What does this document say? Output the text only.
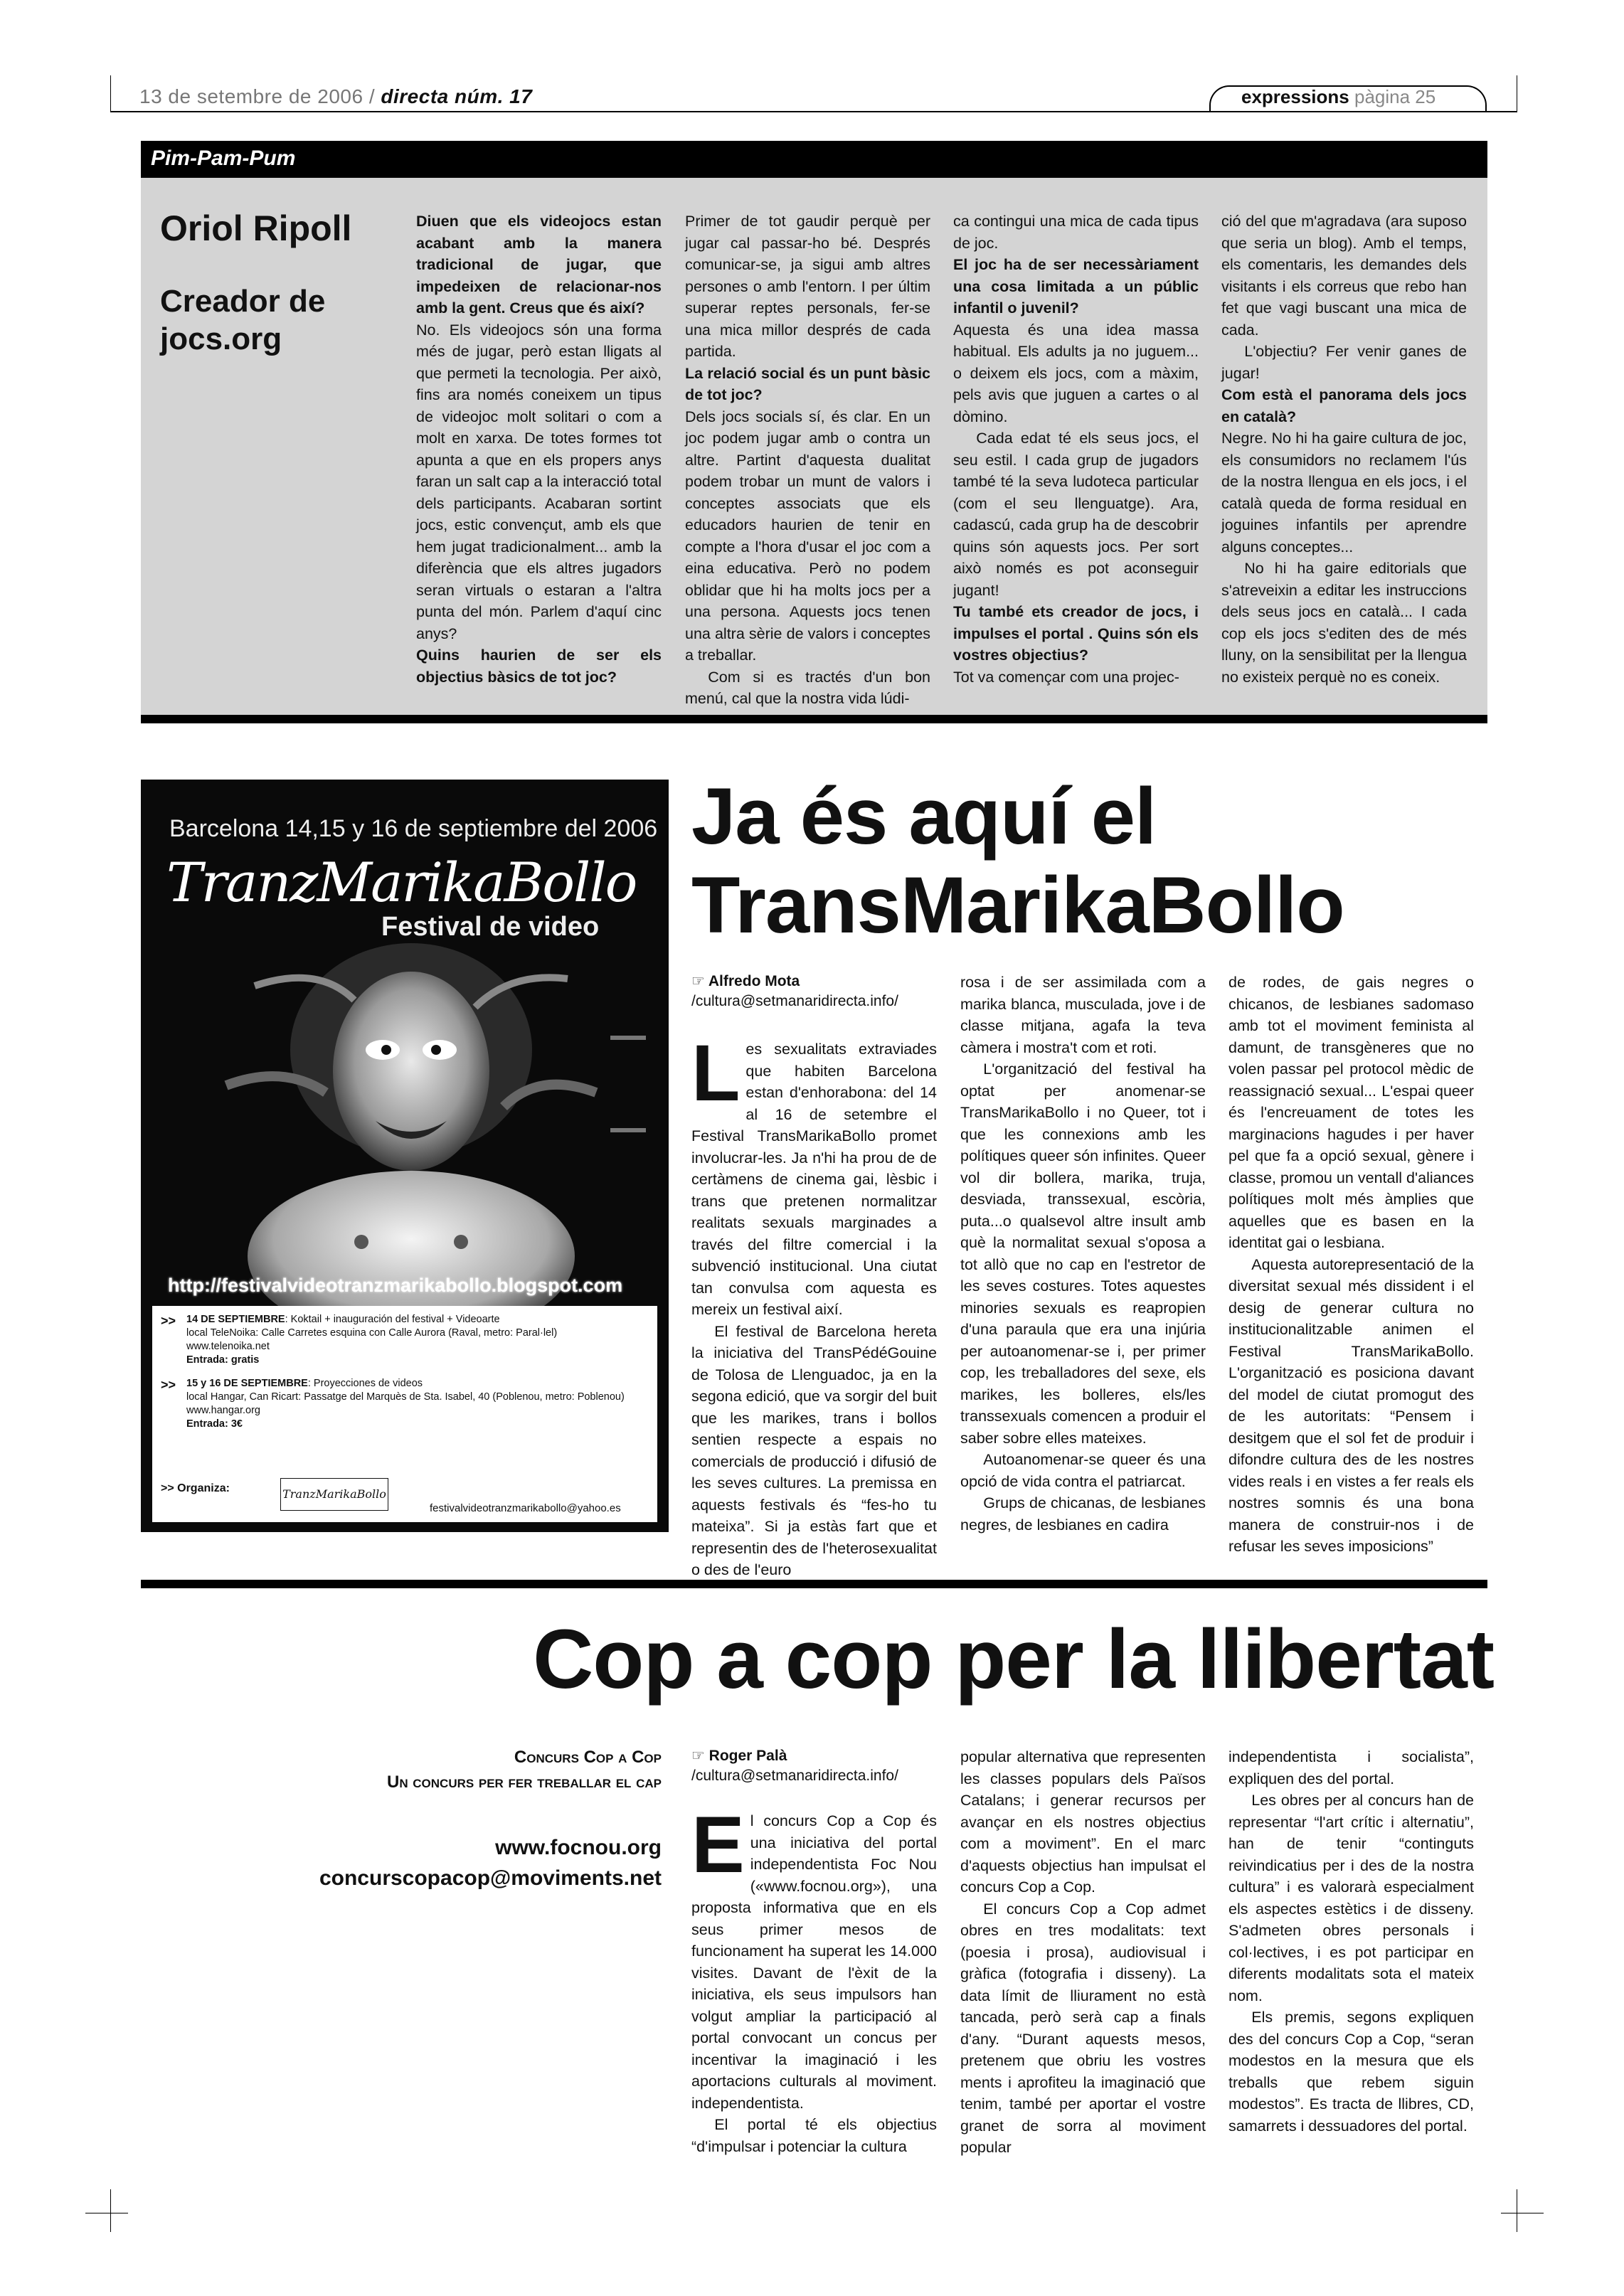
13 de setembre de 2006 / directa núm. 17	expressions pàgina 25
Pim-Pam-Pum
Oriol Ripoll
Creador de jocs.org

Diuen que els videojocs estan acabant amb la manera tradicional de jugar, que impedeixen de relacionar-nos amb la gent. Creus que és així?

No. Els videojocs són una forma més de jugar, però estan lligats al que permeti la tecnologia. Per això, fins ara només coneixem un tipus de videojoc molt solitari o com a molt en xarxa. De totes formes tot apunta a que en els propers anys faran un salt cap a la interacció total dels participants. Acabaran sortint jocs, estic convençut, amb els que hem jugat tradicionalment... amb la diferència que els altres jugadors seran virtuals o estaran a l'altra punta del món. Parlem d'aquí cinc anys?

Quins haurien de ser els objectius bàsics de tot joc?

Primer de tot gaudir perquè per jugar cal passar-ho bé. Després comunicar-se, ja sigui amb altres persones o amb l'entorn. I per últim superar reptes personals, fer-se una mica millor després de cada partida.

La relació social és un punt bàsic de tot joc?

Dels jocs socials sí, és clar. En un joc podem jugar amb o contra un altre. Partint d'aquesta dualitat podem trobar un munt de valors i conceptes associats que els educadors haurien de tenir en compte a l'hora d'usar el joc com a eina educativa. Però no podem oblidar que hi ha molts jocs per a una persona. Aquests jocs tenen una altra sèrie de valors i conceptes a treballar.

Com si es tractés d'un bon menú, cal que la nostra vida lúdi-

ca contingui una mica de cada tipus de joc.

El joc ha de ser necessàriament una cosa limitada a un públic infantil o juvenil?

Aquesta és una idea massa habitual. Els adults ja no juguem... o deixem els jocs, com a màxim, pels avis que juguen a cartes o al dòmino.

Cada edat té els seus jocs, el seu estil. I cada grup de jugadors també té la seva ludoteca particular (com el seu llenguatge). Ara, cadascú, cada grup ha de descobrir quins són aquests jocs. Per sort això només es pot aconseguir jugant!

Tu també ets creador de jocs, i impulses el portal . Quins són els vostres objectius?

Tot va començar com una projec-

ció del que m'agradava (ara suposo que seria un blog). Amb el temps, els comentaris, les demandes dels visitants i els correus que rebo han fet que vagi buscant una mica de cada.

L'objectiu? Fer venir ganes de jugar!

Com està el panorama dels jocs en català?

Negre. No hi ha gaire cultura de joc, els consumidors no reclamem l'ús de la nostra llengua en els jocs, i el català queda de forma residual en joguines infantils per aprendre alguns conceptes...

No hi ha gaire editorials que s'atreveixin a editar les instruccions dels seus jocs en català... I cada cop els jocs s'editen des de més lluny, on la sensibilitat per la llengua no existeix perquè no es coneix.

Barcelona 14,15 y 16 de septiembre del 2006
TranzMarikaBollo
Festival de video
http://festivalvideotranzmarikabollo.blogspot.com
>> 14 DE SEPTIEMBRE: Koktail + inauguración del festival + Videoarte
local TeleNoika: Calle Carretes esquina con Calle Aurora (Raval, metro: Paral·lel)
www.telenoika.net
Entrada: gratis
>> 15 y 16 DE SEPTIEMBRE: Proyecciones de videos
local Hangar, Can Ricart: Passatge del Marquès de Sta. Isabel, 40 (Poblenou, metro: Poblenou)
www.hangar.org
Entrada: 3€
>> Organiza:	TranzMarikaBollo
festivalvideotranzmarikabollo@yahoo.es
Ja és aquí el TransMarikaBollo
☞ Alfredo Mota
/cultura@setmanaridirecta.info/

Les sexualitats extraviades que habiten Barcelona estan d'enhorabona: del 14 al 16 de setembre el Festival TransMarikaBollo promet involucrar-les. Ja n'hi ha prou de de certàmens de cinema gai, lèsbic i trans que pretenen normalitzar realitats sexuals marginades a través del filtre comercial i la subvenció institucional. Una ciutat tan convulsa com aquesta es mereix un festival així.

El festival de Barcelona hereta la iniciativa del TransPédéGouine de Tolosa de Llenguadoc, ja en la segona edició, que va sorgir del buit que les marikes, trans i bollos sentien respecte a espais no comercials de producció i difusió de les seves cultures. La premissa en aquests festivals és “fes-ho tu mateixa”. Si ja estàs fart que et representin des de l'heterosexualitat o des de l'euro

rosa i de ser assimilada com a marika blanca, musculada, jove i de classe mitjana, agafa la teva càmera i mostra't com et roti.

L'organització del festival ha optat per anomenar-se TransMarikaBollo i no Queer, tot i que les connexions amb les polítiques queer són infinites. Queer vol dir bollera, marika, truja, desviada, transsexual, escòria, puta...o qualsevol altre insult amb què la normalitat sexual s'oposa a tot allò que no cap en l'estretor de les seves costures. Totes aquestes minories sexuals es reapropien d'una paraula que era una injúria per autoanomenar-se i, per primer cop, les treballadores del sexe, els marikes, les bolleres, els/les transsexuals comencen a produir el saber sobre elles mateixes.

Autoanomenar-se queer és una opció de vida contra el patriarcat.

Grups de chicanas, de lesbianes negres, de lesbianes en cadira

de rodes, de gais negres o chicanos, de lesbianes sadomaso amb tot el moviment feminista al damunt, de transgèneres que no volen passar pel protocol mèdic de reassignació sexual... L'espai queer és l'encreuament de totes les marginacions hagudes i per haver pel que fa a opció sexual, gènere i classe, promou un ventall d'aliances polítiques molt més àmplies que aquelles que es basen en la identitat gai o lesbiana.

Aquesta autorepresentació de la diversitat sexual més dissident i el desig de generar cultura no institucionalitzable animen el Festival TransMarikaBollo. L'organització es posiciona davant del model de ciutat promogut des de les autoritats: “Pensem i desitgem que el sol fet de produir i difondre cultura des de les nostres vides reals i en vistes a fer reals els nostres somnis és una bona manera de construir-nos i de refusar les seves imposicions”

Cop a cop per la llibertat
Concurs Cop a Cop
Un concurs per fer treballar el cap
www.focnou.org
concurscopacop@moviments.net
☞ Roger Palà
/cultura@setmanaridirecta.info/

El concurs Cop a Cop és una iniciativa del portal independentista Foc Nou («www.focnou.org»), una proposta informativa que en els seus primer mesos de funcionament ha superat les 14.000 visites. Davant de l'èxit de la iniciativa, els seus impulsors han volgut ampliar la participació al portal convocant un concus per incentivar la imaginació i les aportacions culturals al moviment. independentista.

El portal té els objectius “d'impulsar i potenciar la cultura

popular alternativa que representen les classes populars dels Països Catalans; i generar recursos per avançar en els nostres objectius com a moviment”. En el marc d'aquests objectius han impulsat el concurs Cop a Cop.

El concurs Cop a Cop admet obres en tres modalitats: text (poesia i prosa), audiovisual i gràfica (fotografia i disseny). La data límit de lliurament no està tancada, però serà cap a finals d'any. “Durant aquests mesos, pretenem que obriu les vostres ments i aprofiteu la imaginació que tenim, també per aportar el vostre granet de sorra al moviment popular

independentista i socialista”, expliquen des del portal.

Les obres per al concurs han de representar “l'art crític i alternatiu”, han de tenir “continguts reivindicatius per i des de la nostra cultura” i es valorarà especialment els aspectes estètics i de disseny. S'admeten obres personals i col·lectives, i es pot participar en diferents modalitats sota el mateix nom.

Els premis, segons expliquen des del concurs Cop a Cop, “seran modestos en la mesura que els treballs que rebem siguin modestos”. Es tracta de llibres, CD, samarrets i dessuadores del portal.
